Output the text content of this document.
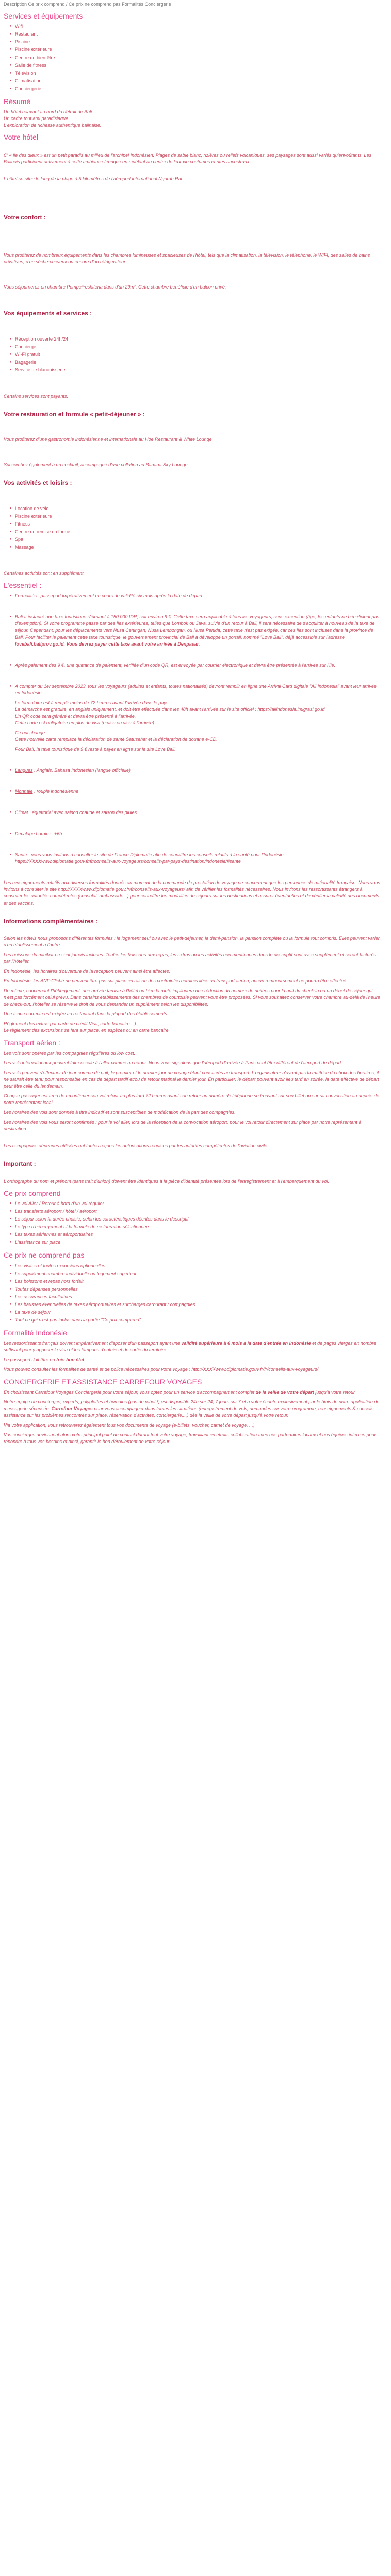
Description Ce prix comprend / Ce prix ne comprend pas Formalités Conciergerie

Services et équipements
● Wifi
● Restaurant
● Piscine
● Piscine extérieure
● Centre de bien-être
● Salle de fitness
● Télévision
● Climatisation
● Conciergerie
Résumé

Un hôtel relaxant au bord du détroit de Bali.

Un cadre tout ami paradisiaque

L'exploration de richesse authentique balinaise.

Votre hôtel

C' « ile des dieux » est un petit paradis au milieu de l'archipel Indonésien. Plages de sable blanc, rizières ou reliefs volcaniques, ses paysages sont aussi variés qu'envoûtants. Les Balinais participent activement à cette ambiance féerique en révélant au centre de leur vie coutumes et rites ancestraux.

L'hôtel se situe le long de la plage à 5 kilomètres de l'aéroport international Ngurah Rai.

Votre confort :

Vous profiterez de nombreux équipements dans les chambres lumineuses et spacieuses de l'hôtel, tels que la climatisation, la télévision, le téléphone, le WIFI, des salles de bains privatives, d'un sèche-cheveux ou encore d'un réfrigérateur.

Vous séjournerez en chambre Pompeiireslatena dans d'un 29m². Cette chambre bénéficie d'un balcon privé.

Vos équipements et services :
● Réception ouverte 24h/24
● Concierge
● Wi-Fi gratuit
● Bagagerie
● Service de blanchisserie

Certains services sont payants.

Votre restauration et formule « petit-déjeuner » :

Vous profiterez d'une gastronomie indonésienne et internationale au Hoe Restaurant & White Lounge

Succombez également à un cocktail, accompagné d'une collation au Banana Sky Lounge.

Vos activités et loisirs :
● Location de vélo
● Piscine extérieure
● Fitness
● Centre de remise en forme
● Spa
● Massage

Certaines activités sont en supplément.

L'essentiel :
● Formalités : passeport impérativement en cours de validité six mois après la date de départ.

● Bali a instauré une taxe touristique s'élevant à 150 000 IDR, soit environ 9 €. Cette taxe sera applicable à tous les voyageurs, sans exception (âge, les enfants ne bénéficient pas d'exemption). Si votre programme passe par des îles extérieures, telles que Lombok ou Java, suivie d'un retour à Bali, il sera nécessaire de s'acquitter à nouveau de la taxe de séjour. Cependant, pour les déplacements vers Nusa Ceningan, Nusa Lembongan, ou Nusa Penida, cette taxe n'est pas exigée, car ces îles sont incluses dans la province de Bali. Pour faciliter le paiement cette taxe touristique, le gouvernement provincial de Bali a développé un portail, nommé "Love Bali", déjà accessible sur l'adresse lovebali.baliprov.go.id. Vous devrez payer cette taxe avant votre arrivée à Denpasar.

● Après paiement des 9 €, une quittance de paiement, vérifiée d'un code QR, est envoyée par courrier électronique et devra être présentée à l'arrivée sur l'île.

● À compter du 1er septembre 2023, tous les voyageurs (adultes et enfants, toutes nationalités) devront remplir en ligne une Arrival Card digitale "All Indonesia" avant leur arrivée en Indonésie.

Le formulaire est à remplir moins de 72 heures avant l'arrivée dans le pays.

La démarche est gratuite, en anglais uniquement, et doit être effectuée dans les 48h avant l'arrivée sur le site officiel : https://allindonesia.imigrasi.go.id

Un QR code sera généré et devra être présenté à l'arrivée.

Cette carte est obligatoire en plus du visa (e-visa ou visa à l'arrivée).

Ce qui change :

Cette nouvelle carte remplace la déclaration de santé Satusehat et la déclaration de douane e-CD.

Pour Bali, la taxe touristique de 9 € reste à payer en ligne sur le site Love Bali.

● Langues : Anglais, Bahasa Indonésien (langue officielle)
● Monnaie : roupie indonésienne
● Climat : équatorial avec saison chaude et saison des pluies
● Décalage horaire : +6h
● Santé : nous vous invitons à consulter le site de France Diplomatie afin de connaître les conseils relatifs à la santé pour l'Indonésie : https://XXXXwww.diplomatie.gouv.fr/fr/conseils-aux-voyageurs/conseils-par-pays-destination/indonesie/#sante

Les renseignements relatifs aux diverses formalités donnés au moment de la commande de prestation de voyage ne concernent que les personnes de nationalité française. Nous vous invitons à consulter le site http://XXXXwww.diplomatie.gouv.fr/fr/conseils-aux-voyageurs/ afin de vérifier les formalités nécessaires. Nous invitons les ressortissants étrangers à consulter les autorités compétentes (consulat, ambassade...) pour connaître les modalités de séjours sur les destinations et assurer éventuelles et de vérifier la validité des documents et des vaccins.

Informations complémentaires :

Selon les hôtels nous proposons différentes formules : le logement seul ou avec le petit-déjeuner, la demi-pension, la pension complète ou la formule tout compris. Elles peuvent varier d'un établissement à l'autre.

Les boissons du minibar ne sont jamais incluses. Toutes les boissons aux repas, les extras ou les activités non mentionnés dans le descriptif sont avec supplément et seront facturés par l'hôtelier.

En Indonésie, les horaires d'ouverture de la reception peuvent ainsi être affectés.

En Indonésie, les ANF-Cliché ne peuvent être pris sur place en raison des contraintes horaires liées au transport aérien, aucun remboursement ne pourra être effectué.

De même, concernant l'hébergement, une arrivée tardive à l'hôtel ou bien la route impliquera une réduction du nombre de nuitées pour la nuit du check-in ou un début de séjour qui n'est pas forcément celui prévu. Dans certains établissements des chambres de courtoisie peuvent vous être proposées. Si vous souhaitez conserver votre chambre au-delà de l'heure de check-out, l'hôtelier se réserve le droit de vous demander un supplément selon les disponibilités.

Une tenue correcte est exigée au restaurant dans la plupart des établissements.

Règlement des extras par carte de crédit Visa, carte bancaire…)

Le règlement des excursions se fera sur place, en espèces ou en carte bancaire.

Transport aérien :

Les vols sont opérés par les compagnies régulières ou low cost.

Les vols internationaux peuvent faire escale à l'aller comme au retour. Nous vous signalons que l'aéroport d'arrivée à Paris peut être différent de l'aéroport de départ.

Les vols peuvent s'effectuer de jour comme de nuit, le premier et le dernier jour du voyage étant consacrés au transport. L'organisateur n'ayant pas la maîtrise du choix des horaires, il ne saurait être tenu pour responsable en cas de départ tardif et/ou de retour matinal le dernier jour. En particulier, le départ pouvant avoir lieu tard en soirée, la date effective de départ peut être celle du lendemain.

Chaque passager est tenu de reconfirmer son vol retour au plus tard 72 heures avant son retour au numéro de téléphone se trouvant sur son billet ou sur sa convocation au auprès de notre représentant local.

Les horaires des vols sont donnés à titre indicatif et sont susceptibles de modification de la part des compagnies.

Les horaires des vols vous seront confirmés : pour le vol aller, lors de la réception de la convocation aéroport, pour le vol retour directement sur place par notre représentant à destination.

Les compagnies aériennes utilisées ont toutes reçues les autorisations requises par les autorités compétentes de l'aviation civile.

Important :

L'orthographe du nom et prénom (sans trait d'union) doivent être identiques à la pièce d'identité présentée lors de l'enregistrement et à l'embarquement du vol.

Ce prix comprend
● Le vol Aller / Retour à bord d'un vol régulier
● Les transferts aéroport / hôtel / aéroport
● Le séjour selon la durée choisie, selon les caractéristiques décrites dans le descriptif
● Le type d'hébergement et la formule de restauration sélectionnée
● Les taxes aériennes et aéroportuaires
● L'assistance sur place
Ce prix ne comprend pas
● Les visites et toutes excursions optionnelles
● Le supplément chambre individuelle ou logement supérieur
● Les boissons et repas hors forfait
● Toutes dépenses personnelles
● Les assurances facultatives
● Les hausses éventuelles de taxes aéroportuaires et surcharges carburant / compagnies
● La taxe de séjour
● Tout ce qui n'est pas inclus dans la partie "Ce prix comprend"
Formalité Indonésie

Les ressortissants français doivent impérativement disposer d'un passeport ayant une validité supérieure à 6 mois à la date d'entrée en Indonésie et de pages vierges en nombre suffisant pour y apposer le visa et les tampons d'entrée et de sortie du territoire.

Le passeport doit être en très bon état.

Vous pouvez consulter les formalités de santé et de police nécessaires pour votre voyage : http://XXXXwww.diplomatie.gouv.fr/fr/conseils-aux-voyageurs/

CONCIERGERIE ET ASSISTANCE CARREFOUR VOYAGES

En choisissant Carrefour Voyages Conciergerie pour votre séjour, vous optez pour un service d'accompagnement complet de la veille de votre départ jusqu'à votre retour.

Notre équipe de concierges, experts, polyglottes et humains (pas de robot !) est disponible 24h sur 24, 7 jours sur 7 et à votre écoute exclusivement par le biais de notre application de messagerie sécurisée. Carrefour Voyages pour vous accompagner dans toutes les situations (enregistrement de vols, demandes sur votre programme, renseignements & conseils, assistance sur les problèmes rencontrés sur place, réservation d'activités, conciergerie,...) dès la veille de votre départ jusqu'à votre retour.

Via votre application, vous retrouverez également tous vos documents de voyage (e-billets, voucher, carnet de voyage, ...)

Vos concierges deviennent alors votre principal point de contact durant tout votre voyage, travaillant en étroite collaboration avec nos partenaires locaux et nos équipes internes pour répondre à tous vos besoins et ainsi, garantir le bon déroulement de votre séjour.
